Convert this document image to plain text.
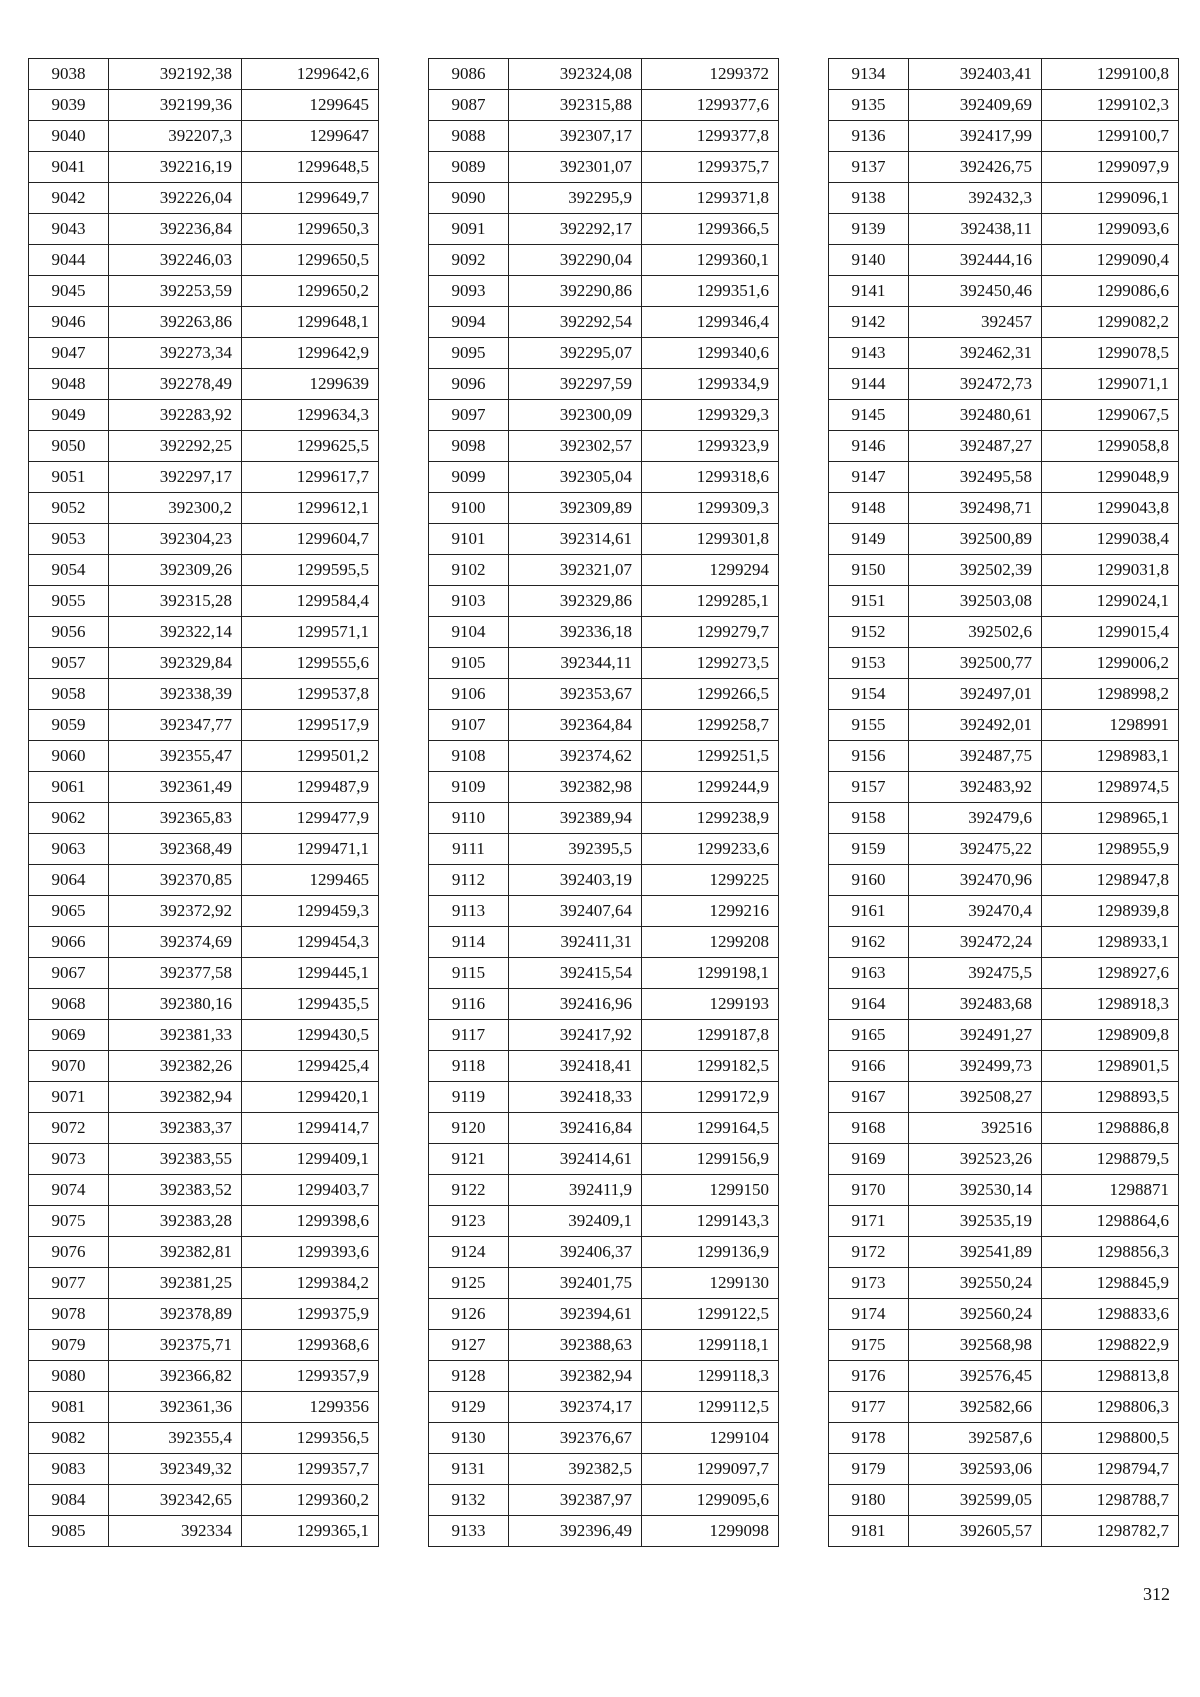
9038	392192,38	1299642,6
9039	392199,36	1299645
9040	392207,3	1299647
9041	392216,19	1299648,5
9042	392226,04	1299649,7
9043	392236,84	1299650,3
9044	392246,03	1299650,5
9045	392253,59	1299650,2
9046	392263,86	1299648,1
9047	392273,34	1299642,9
9048	392278,49	1299639
9049	392283,92	1299634,3
9050	392292,25	1299625,5
9051	392297,17	1299617,7
9052	392300,2	1299612,1
9053	392304,23	1299604,7
9054	392309,26	1299595,5
9055	392315,28	1299584,4
9056	392322,14	1299571,1
9057	392329,84	1299555,6
9058	392338,39	1299537,8
9059	392347,77	1299517,9
9060	392355,47	1299501,2
9061	392361,49	1299487,9
9062	392365,83	1299477,9
9063	392368,49	1299471,1
9064	392370,85	1299465
9065	392372,92	1299459,3
9066	392374,69	1299454,3
9067	392377,58	1299445,1
9068	392380,16	1299435,5
9069	392381,33	1299430,5
9070	392382,26	1299425,4
9071	392382,94	1299420,1
9072	392383,37	1299414,7
9073	392383,55	1299409,1
9074	392383,52	1299403,7
9075	392383,28	1299398,6
9076	392382,81	1299393,6
9077	392381,25	1299384,2
9078	392378,89	1299375,9
9079	392375,71	1299368,6
9080	392366,82	1299357,9
9081	392361,36	1299356
9082	392355,4	1299356,5
9083	392349,32	1299357,7
9084	392342,65	1299360,2
9085	392334	1299365,1
9086	392324,08	1299372
9087	392315,88	1299377,6
9088	392307,17	1299377,8
9089	392301,07	1299375,7
9090	392295,9	1299371,8
9091	392292,17	1299366,5
9092	392290,04	1299360,1
9093	392290,86	1299351,6
9094	392292,54	1299346,4
9095	392295,07	1299340,6
9096	392297,59	1299334,9
9097	392300,09	1299329,3
9098	392302,57	1299323,9
9099	392305,04	1299318,6
9100	392309,89	1299309,3
9101	392314,61	1299301,8
9102	392321,07	1299294
9103	392329,86	1299285,1
9104	392336,18	1299279,7
9105	392344,11	1299273,5
9106	392353,67	1299266,5
9107	392364,84	1299258,7
9108	392374,62	1299251,5
9109	392382,98	1299244,9
9110	392389,94	1299238,9
9111	392395,5	1299233,6
9112	392403,19	1299225
9113	392407,64	1299216
9114	392411,31	1299208
9115	392415,54	1299198,1
9116	392416,96	1299193
9117	392417,92	1299187,8
9118	392418,41	1299182,5
9119	392418,33	1299172,9
9120	392416,84	1299164,5
9121	392414,61	1299156,9
9122	392411,9	1299150
9123	392409,1	1299143,3
9124	392406,37	1299136,9
9125	392401,75	1299130
9126	392394,61	1299122,5
9127	392388,63	1299118,1
9128	392382,94	1299118,3
9129	392374,17	1299112,5
9130	392376,67	1299104
9131	392382,5	1299097,7
9132	392387,97	1299095,6
9133	392396,49	1299098
9134	392403,41	1299100,8
9135	392409,69	1299102,3
9136	392417,99	1299100,7
9137	392426,75	1299097,9
9138	392432,3	1299096,1
9139	392438,11	1299093,6
9140	392444,16	1299090,4
9141	392450,46	1299086,6
9142	392457	1299082,2
9143	392462,31	1299078,5
9144	392472,73	1299071,1
9145	392480,61	1299067,5
9146	392487,27	1299058,8
9147	392495,58	1299048,9
9148	392498,71	1299043,8
9149	392500,89	1299038,4
9150	392502,39	1299031,8
9151	392503,08	1299024,1
9152	392502,6	1299015,4
9153	392500,77	1299006,2
9154	392497,01	1298998,2
9155	392492,01	1298991
9156	392487,75	1298983,1
9157	392483,92	1298974,5
9158	392479,6	1298965,1
9159	392475,22	1298955,9
9160	392470,96	1298947,8
9161	392470,4	1298939,8
9162	392472,24	1298933,1
9163	392475,5	1298927,6
9164	392483,68	1298918,3
9165	392491,27	1298909,8
9166	392499,73	1298901,5
9167	392508,27	1298893,5
9168	392516	1298886,8
9169	392523,26	1298879,5
9170	392530,14	1298871
9171	392535,19	1298864,6
9172	392541,89	1298856,3
9173	392550,24	1298845,9
9174	392560,24	1298833,6
9175	392568,98	1298822,9
9176	392576,45	1298813,8
9177	392582,66	1298806,3
9178	392587,6	1298800,5
9179	392593,06	1298794,7
9180	392599,05	1298788,7
9181	392605,57	1298782,7
312
